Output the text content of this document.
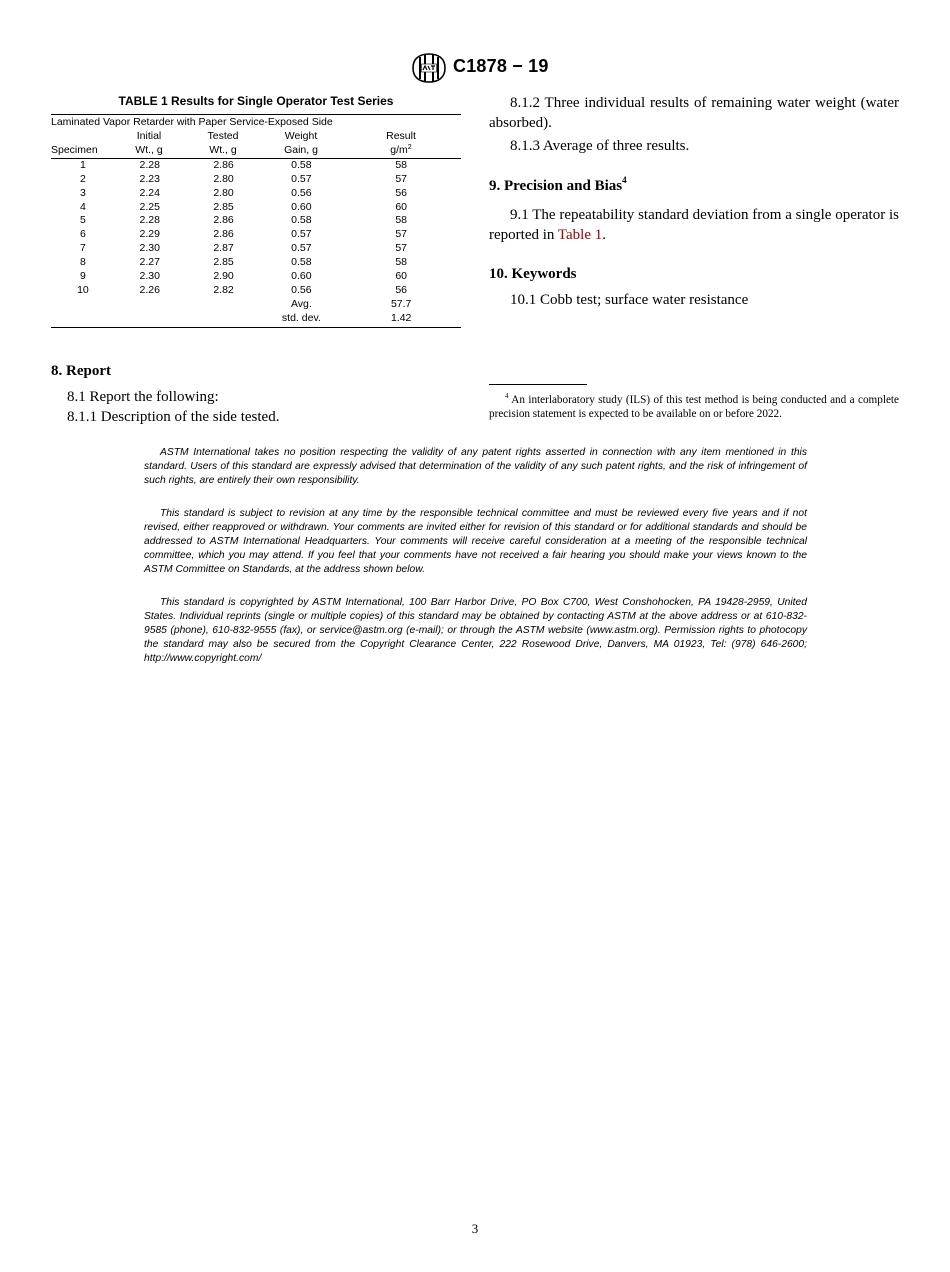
C1878 − 19
TABLE 1 Results for Single Operator Test Series
Laminated Vapor Retarder with Paper Service-Exposed Side
	Initial	Tested	Weight	Result
Specimen	Wt., g	Wt., g	Gain, g	$g/m^2$
1	2.28	2.86	0.58	58
2	2.23	2.80	0.57	57
3	2.24	2.80	0.56	56
4	2.25	2.85	0.60	60
5	2.28	2.86	0.58	58
6	2.29	2.86	0.57	57
7	2.30	2.87	0.57	57
8	2.27	2.85	0.58	58
9	2.30	2.90	0.60	60
10	2.26	2.82	0.56	56
			Avg.	57.7
			std. dev.	1.42

8.1.2 Three individual results of remaining water weight (water absorbed).

8.1.3 Average of three results.

9. Precision and Bias$^4$

9.1 The repeatability standard deviation from a single operator is reported in Table 1.

10. Keywords

10.1 Cobb test; surface water resistance

8. Report

8.1 Report the following:

8.1.1 Description of the side tested.

$^4$ An interlaboratory study (ILS) of this test method is being conducted and a complete precision statement is expected to be available on or before 2022.

ASTM International takes no position respecting the validity of any patent rights asserted in connection with any item mentioned in this standard. Users of this standard are expressly advised that determination of the validity of any such patent rights, and the risk of infringement of such rights, are entirely their own responsibility.

This standard is subject to revision at any time by the responsible technical committee and must be reviewed every five years and if not revised, either reapproved or withdrawn. Your comments are invited either for revision of this standard or for additional standards and should be addressed to ASTM International Headquarters. Your comments will receive careful consideration at a meeting of the responsible technical committee, which you may attend. If you feel that your comments have not received a fair hearing you should make your views known to the ASTM Committee on Standards, at the address shown below.

This standard is copyrighted by ASTM International, 100 Barr Harbor Drive, PO Box C700, West Conshohocken, PA 19428-2959, United States. Individual reprints (single or multiple copies) of this standard may be obtained by contacting ASTM at the above address or at 610-832-9585 (phone), 610-832-9555 (fax), or service@astm.org (e-mail); or through the ASTM website (www.astm.org). Permission rights to photocopy the standard may also be secured from the Copyright Clearance Center, 222 Rosewood Drive, Danvers, MA 01923, Tel: (978) 646-2600; http://www.copyright.com/

3
